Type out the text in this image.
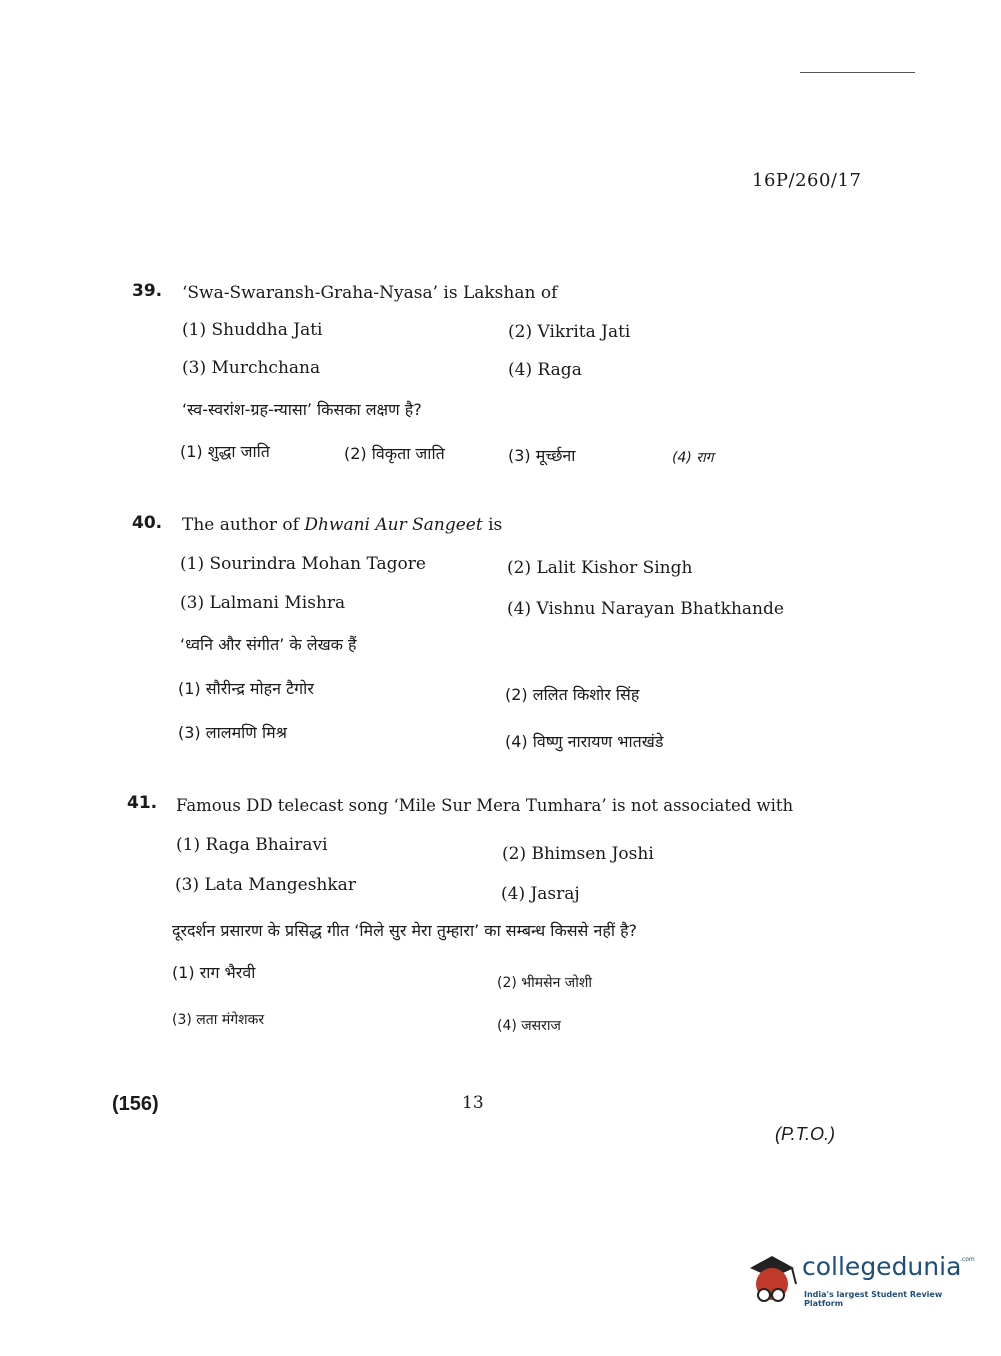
16P/260/17
39. ‘Swa-Swaransh-Graha-Nyasa’ is Lakshan of
(1) Shuddha Jati	(2) Vikrita Jati
(3) Murchchana	(4) Raga
‘स्व-स्वरांश-ग्रह-न्यासा’ किसका लक्षण है?
(1) शुद्धा जाति	(2) विकृता जाति	(3) मूर्च्छना	(4) राग
40. The author of Dhwani Aur Sangeet is
(1) Sourindra Mohan Tagore	(2) Lalit Kishor Singh
(3) Lalmani Mishra	(4) Vishnu Narayan Bhatkhande
‘ध्वनि और संगीत’ के लेखक हैं
(1) सौरीन्द्र मोहन टैगोर	(2) ललित किशोर सिंह
(3) लालमणि मिश्र	(4) विष्णु नारायण भातखंडे
41. Famous DD telecast song ‘Mile Sur Mera Tumhara’ is not associated with
(1) Raga Bhairavi	(2) Bhimsen Joshi
(3) Lata Mangeshkar	(4) Jasraj
दूरदर्शन प्रसारण के प्रसिद्ध गीत ‘मिले सुर मेरा तुम्हारा’ का सम्बन्ध किससे नहीं है?
(1) राग भैरवी
(2) भीमसेन जोशी
(3) लता मंगेशकर	(4) जसराज
(156)	13
(P.T.O.)
collegedunia
.com
India's largest Student Review Platform
